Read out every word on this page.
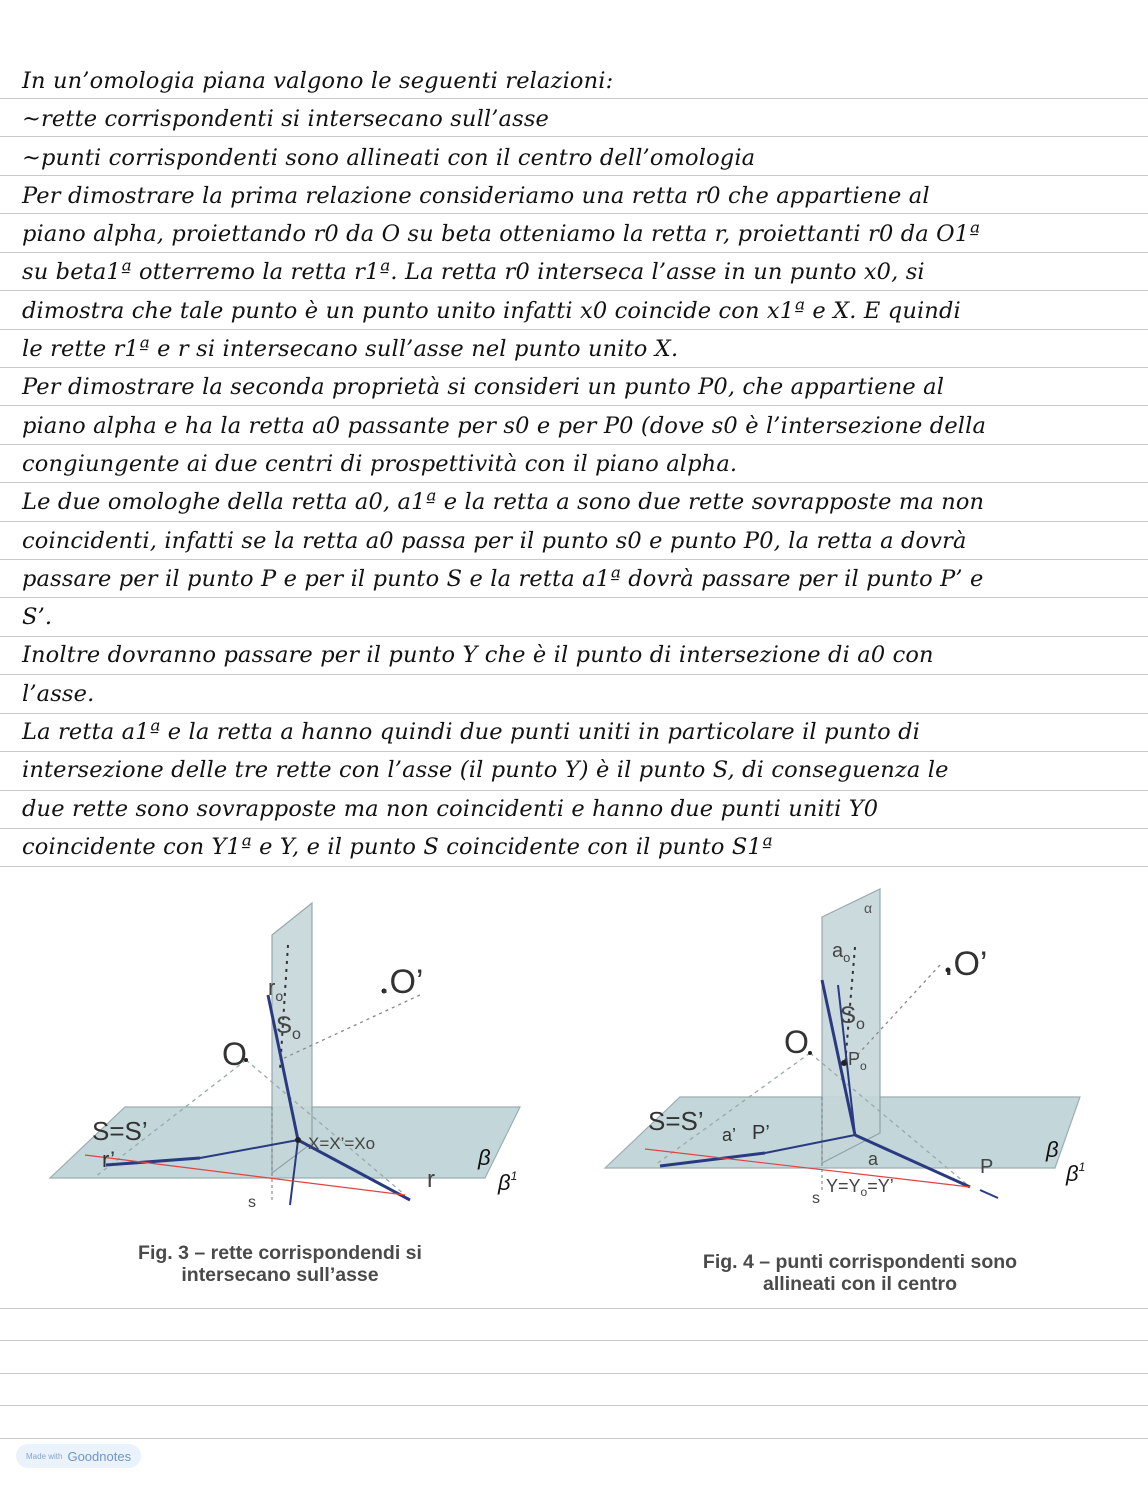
In un’omologia piana valgono le seguenti relazioni:
~rette corrispondenti si intersecano sull’asse
~punti corrispondenti sono allineati con il centro dell’omologia
Per dimostrare la prima relazione consideriamo una retta r0 che appartiene al
piano alpha, proiettando r0 da O su beta otteniamo la retta r, proiettanti r0 da O1ª
su beta1ª otterremo la retta r1ª. La retta r0 interseca l’asse in un punto x0, si
dimostra che tale punto è un punto unito infatti x0 coincide con x1ª e X. E quindi
le rette r1ª e r si intersecano sull’asse nel punto unito X.
Per dimostrare la seconda proprietà si consideri un punto P0, che appartiene al
piano alpha e ha la retta a0 passante per s0 e per P0 (dove s0 è l’intersezione della
congiungente ai due centri di prospettività con il piano alpha.
Le due omologhe della retta a0, a1ª e la retta a sono due rette sovrapposte ma non
coincidenti, infatti se la retta a0 passa per il punto s0 e punto P0, la retta a dovrà
passare per il punto P e per il punto S e la retta a1ª dovrà passare per il punto P’ e
S’.
Inoltre dovranno passare per il punto Y che è il punto di intersezione di a0 con
l’asse.
La retta a1ª e la retta a hanno quindi due punti uniti in particolare il punto di
intersezione delle tre rette con l’asse (il punto Y) è il punto S, di conseguenza le
due rette sono sovrapposte ma non coincidenti e hanno due punti uniti Y0
coincidente con Y1ª e Y, e il punto S coincidente con il punto S1ª
$r_o$	.O’
$S_o$
O
S=S’
r’
X=X’=Xo
r
s
β
$\beta^1$
Fig. 3 – rette corrispondendi si
intersecano sull’asse
α
$a_o$	.O’
$S_o$
O $P_o$
S=S’ a’ P’
a	P
$Y=Y_o=Y$’
s
β
$\beta^1$
Fig. 4 – punti corrispondenti sono
allineati con il centro
Made with Goodnotes
